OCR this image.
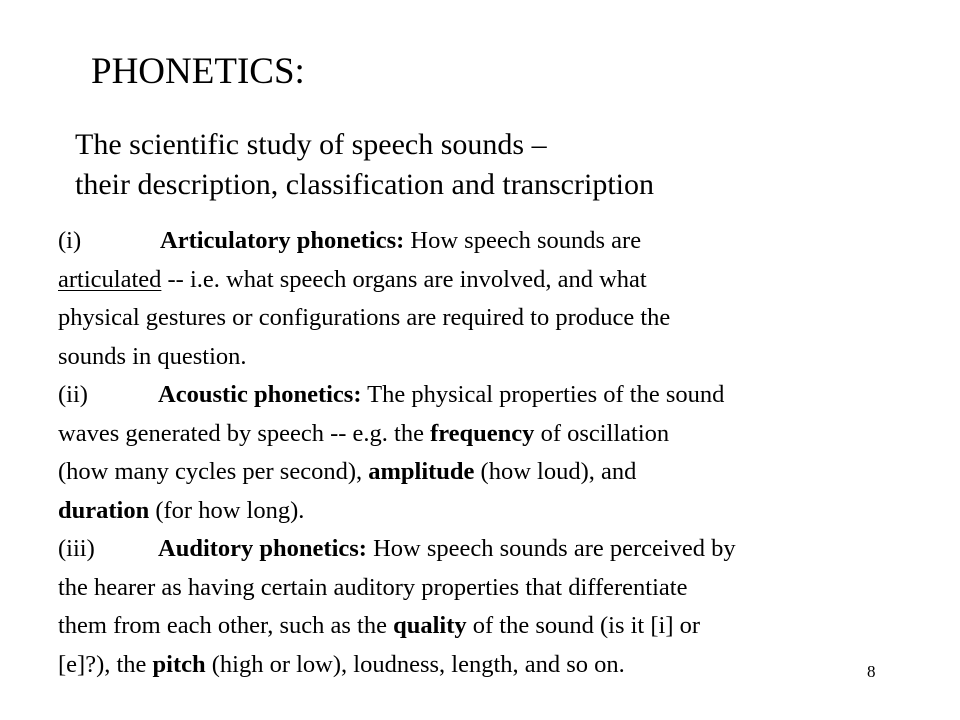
PHONETICS:
The scientific study of speech sounds –
their description, classification and transcription
(i)	Articulatory phonetics: How speech sounds are
articulated -- i.e. what speech organs are involved, and what
physical gestures or configurations are required to produce the
sounds in question.
(ii)	Acoustic phonetics: The physical properties of the sound
waves generated by speech -- e.g. the frequency of oscillation
(how many cycles per second), amplitude (how loud), and
duration (for how long).
(iii)	Auditory phonetics: How speech sounds are perceived by
the hearer as having certain auditory properties that differentiate
them from each other, such as the quality of the sound (is it [i] or
[e]?), the pitch (high or low), loudness, length, and so on.	8
